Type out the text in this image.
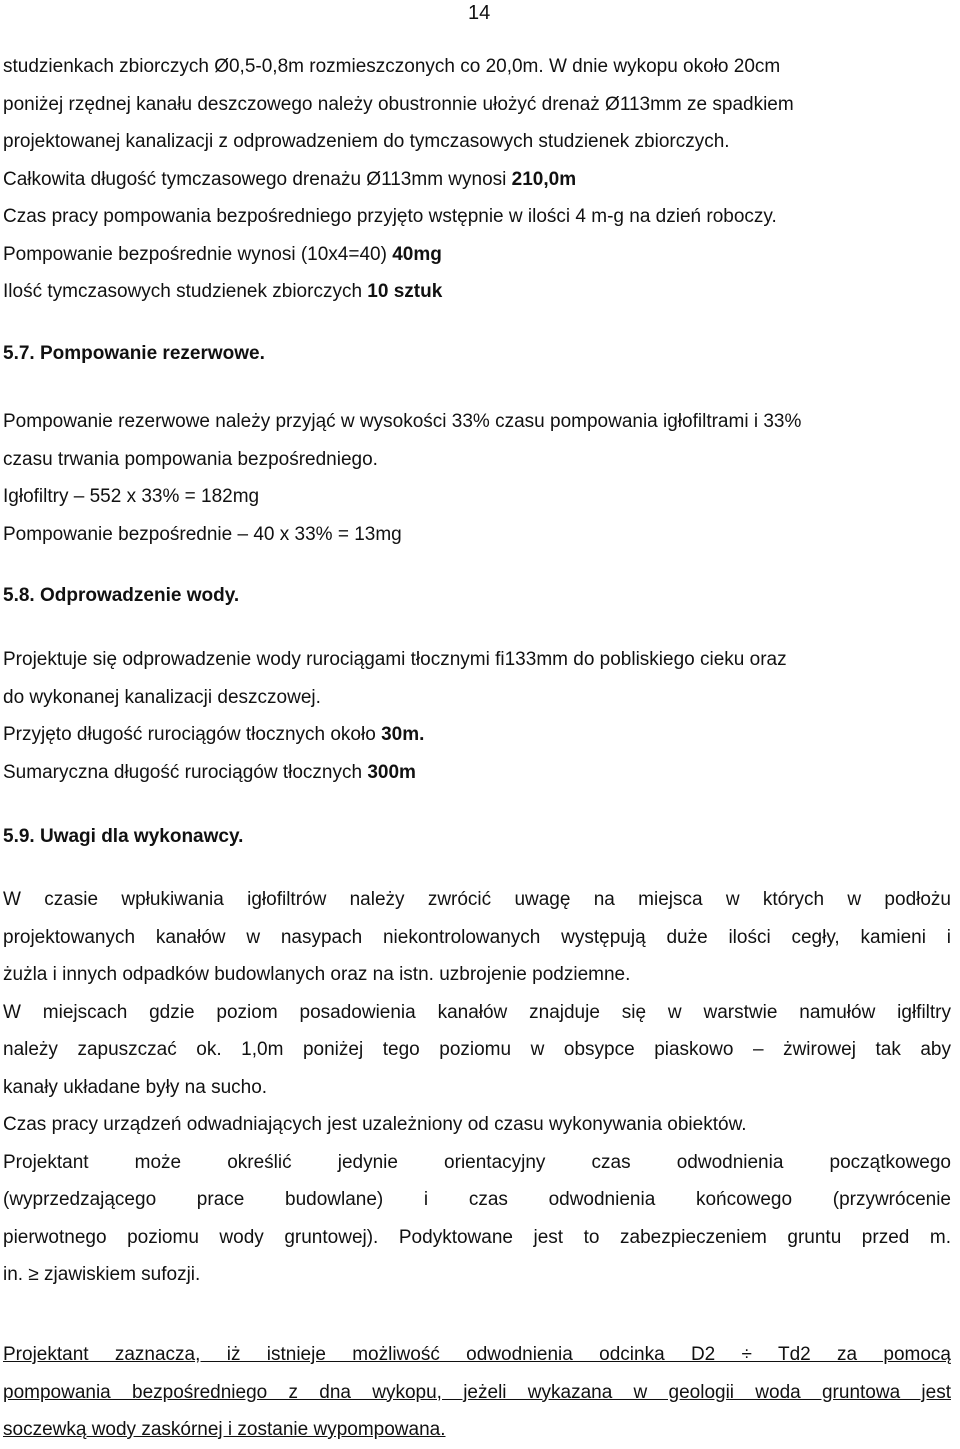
14
studzienkach zbiorczych Ø0,5-0,8m rozmieszczonych co 20,0m. W dnie wykopu około 20cm
poniżej rzędnej kanału deszczowego należy obustronnie ułożyć drenaż Ø113mm ze spadkiem
projektowanej kanalizacji z odprowadzeniem do tymczasowych studzienek zbiorczych.
Całkowita długość tymczasowego drenażu Ø113mm wynosi 210,0m
Czas pracy pompowania bezpośredniego przyjęto wstępnie w ilości 4 m-g na dzień roboczy.
Pompowanie bezpośrednie wynosi (10x4=40) 40mg
Ilość tymczasowych studzienek zbiorczych 10 sztuk
5.7. Pompowanie rezerwowe.
Pompowanie rezerwowe należy przyjąć w wysokości 33% czasu pompowania igłofiltrami i 33%
czasu trwania pompowania bezpośredniego.
Igłofiltry – 552 x 33% = 182mg
Pompowanie bezpośrednie – 40 x 33% = 13mg
5.8. Odprowadzenie wody.
Projektuje się odprowadzenie wody rurociągami tłocznymi fi133mm do pobliskiego cieku oraz
do wykonanej kanalizacji deszczowej.
Przyjęto długość rurociągów tłocznych około 30m.
Sumaryczna długość rurociągów tłocznych 300m
5.9. Uwagi dla wykonawcy.
W czasie wpłukiwania igłofiltrów należy zwrócić uwagę na miejsca w których w podłożu
projektowanych kanałów w nasypach niekontrolowanych występują duże ilości cegły, kamieni i
żużla i innych odpadków budowlanych oraz na istn. uzbrojenie podziemne.
W miejscach gdzie poziom posadowienia kanałów znajduje się w warstwie namułów igłfiltry
należy zapuszczać ok. 1,0m poniżej tego poziomu w obsypce piaskowo – żwirowej tak aby
kanały układane były na sucho.
Czas pracy urządzeń odwadniających jest uzależniony od czasu wykonywania obiektów.
Projektant może określić jedynie orientacyjny czas odwodnienia początkowego
(wyprzedzającego prace budowlane) i czas odwodnienia końcowego (przywrócenie
pierwotnego poziomu wody gruntowej). Podyktowane jest to zabezpieczeniem gruntu przed m.
in. ≥ zjawiskiem sufozji.
Projektant zaznacza, iż istnieje możliwość odwodnienia odcinka D2 ÷ Td2 za pomocą
pompowania bezpośredniego z dna wykopu, jeżeli wykazana w geologii woda gruntowa jest
soczewką wody zaskórnej i zostanie wypompowana.
